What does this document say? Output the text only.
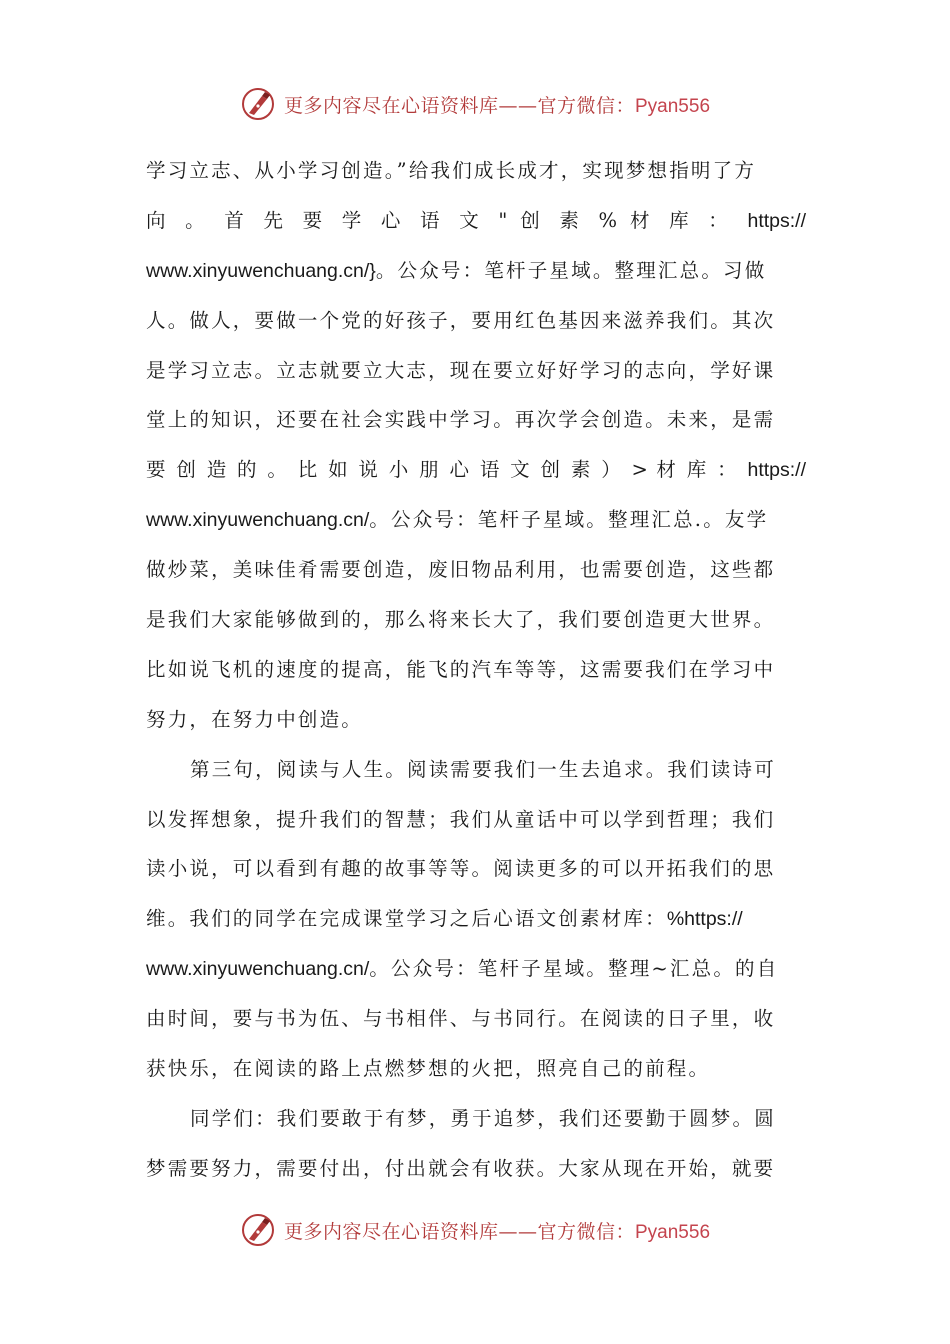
更多内容尽在心语资料库——官方微信：Pyan556
学习立志、从小学习创造。”给我们成长成才，实现梦想指明了方
向 。 首 先 要 学 心 语 文 " 创 素 % 材 库 ： https://
www.xinyuwenchuang.cn/}。公众号：笔杆子星域。整理汇总。习做
人。做人，要做一个党的好孩子，要用红色基因来滋养我们。其次
是学习立志。立志就要立大志，现在要立好好学习的志向，学好课
堂上的知识，还要在社会实践中学习。再次学会创造。未来，是需
要 创 造 的 。 比 如 说 小 朋 心 语 文 创 素 ） > 材 库 ： https://
www.xinyuwenchuang.cn/。公众号：笔杆子星域。整理汇总.。友学
做炒菜，美味佳肴需要创造，废旧物品利用，也需要创造，这些都
是我们大家能够做到的，那么将来长大了，我们要创造更大世界。
比如说飞机的速度的提高，能飞的汽车等等，这需要我们在学习中
努力，在努力中创造。
第三句，阅读与人生。阅读需要我们一生去追求。我们读诗可
以发挥想象，提升我们的智慧；我们从童话中可以学到哲理；我们
读小说，可以看到有趣的故事等等。阅读更多的可以开拓我们的思
维。我们的同学在完成课堂学习之后心语文创素材库：%https://
www.xinyuwenchuang.cn/。公众号：笔杆子星域。整理~汇总。的自
由时间，要与书为伍、与书相伴、与书同行。在阅读的日子里，收
获快乐，在阅读的路上点燃梦想的火把，照亮自己的前程。
同学们：我们要敢于有梦，勇于追梦，我们还要勤于圆梦。圆
梦需要努力，需要付出，付出就会有收获。大家从现在开始，就要
更多内容尽在心语资料库——官方微信：Pyan556
